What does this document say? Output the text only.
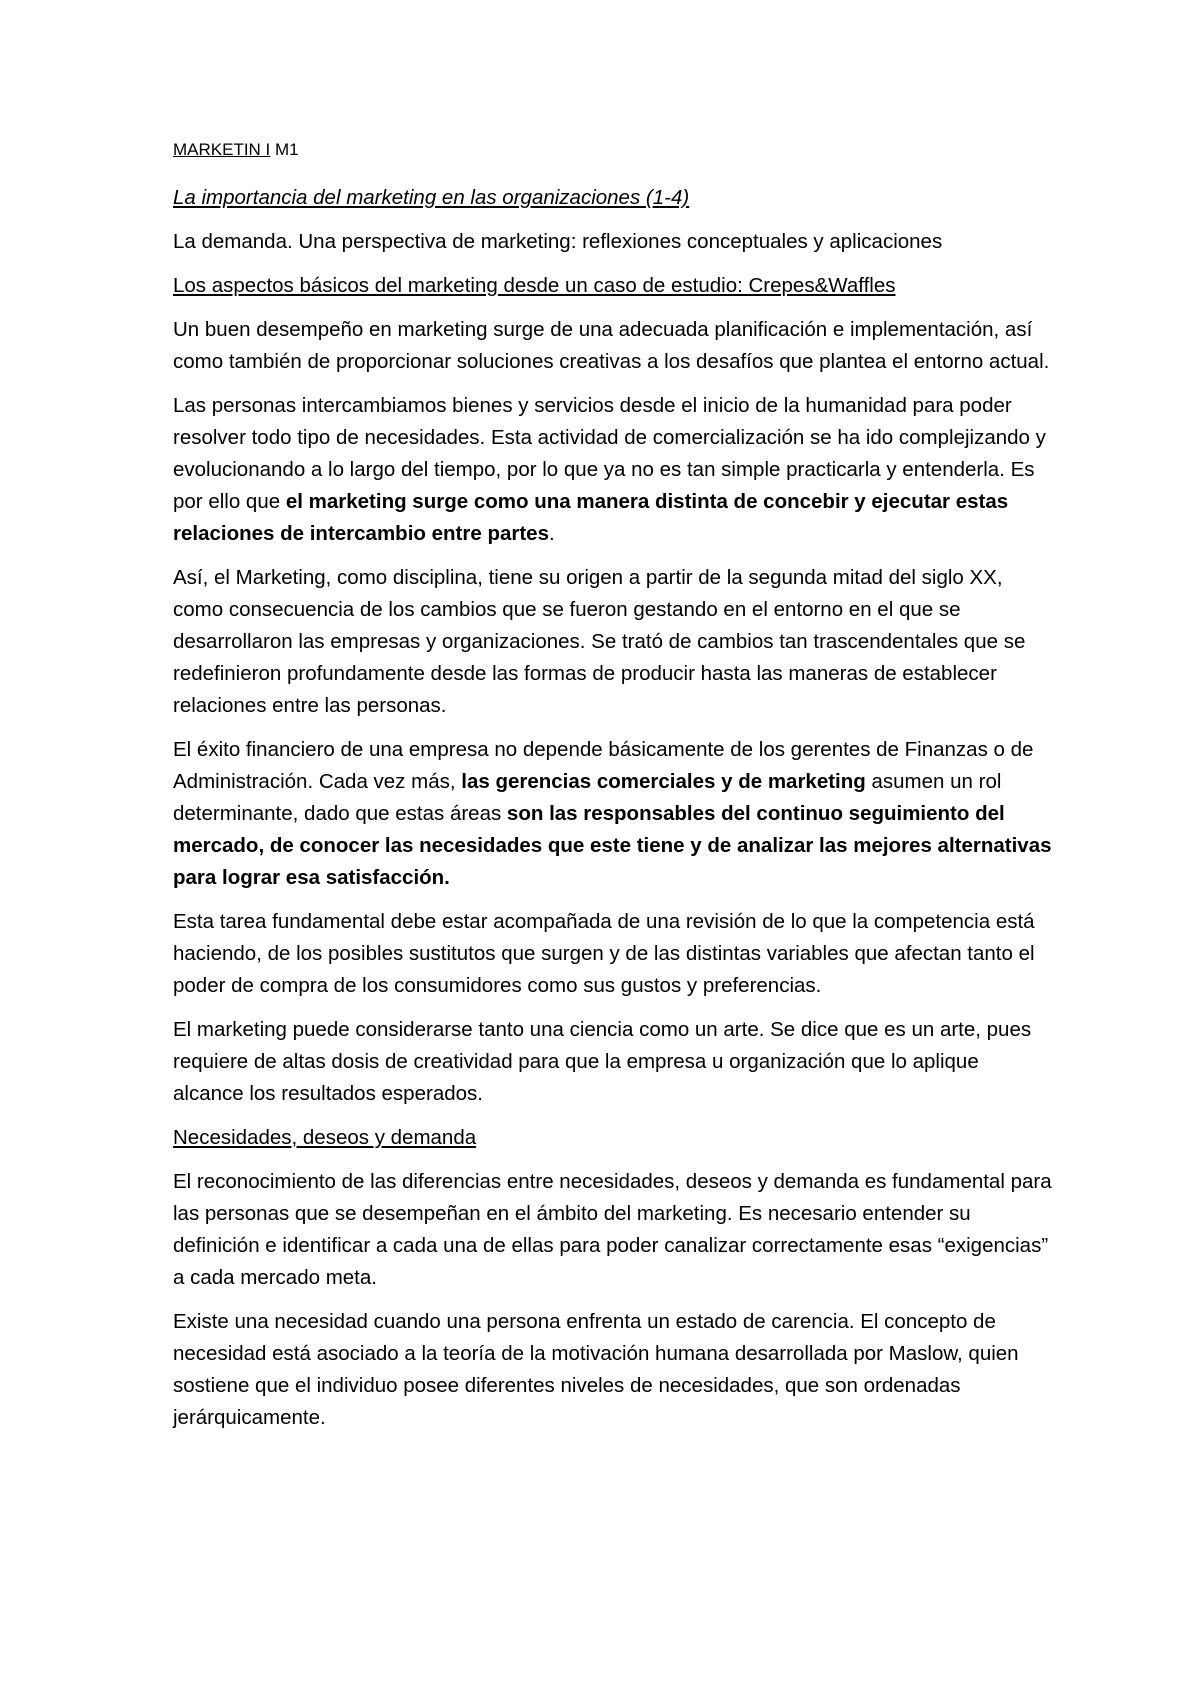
MARKETIN I M1
La importancia del marketing en las organizaciones (1-4)
La demanda. Una perspectiva de marketing: reflexiones conceptuales y aplicaciones
Los aspectos básicos del marketing desde un caso de estudio: Crepes&Waffles

Un buen desempeño en marketing surge de una adecuada planificación e implementación, así como también de proporcionar soluciones creativas a los desafíos que plantea el entorno actual.

Las personas intercambiamos bienes y servicios desde el inicio de la humanidad para poder resolver todo tipo de necesidades. Esta actividad de comercialización se ha ido complejizando y evolucionando a lo largo del tiempo, por lo que ya no es tan simple practicarla y entenderla. Es por ello que el marketing surge como una manera distinta de concebir y ejecutar estas relaciones de intercambio entre partes.

Así, el Marketing, como disciplina, tiene su origen a partir de la segunda mitad del siglo XX, como consecuencia de los cambios que se fueron gestando en el entorno en el que se desarrollaron las empresas y organizaciones. Se trató de cambios tan trascendentales que se redefinieron profundamente desde las formas de producir hasta las maneras de establecer relaciones entre las personas.

El éxito financiero de una empresa no depende básicamente de los gerentes de Finanzas o de Administración. Cada vez más, las gerencias comerciales y de marketing asumen un rol determinante, dado que estas áreas son las responsables del continuo seguimiento del mercado, de conocer las necesidades que este tiene y de analizar las mejores alternativas para lograr esa satisfacción.

Esta tarea fundamental debe estar acompañada de una revisión de lo que la competencia está haciendo, de los posibles sustitutos que surgen y de las distintas variables que afectan tanto el poder de compra de los consumidores como sus gustos y preferencias.

El marketing puede considerarse tanto una ciencia como un arte. Se dice que es un arte, pues requiere de altas dosis de creatividad para que la empresa u organización que lo aplique alcance los resultados esperados.

Necesidades, deseos y demanda

El reconocimiento de las diferencias entre necesidades, deseos y demanda es fundamental para las personas que se desempeñan en el ámbito del marketing. Es necesario entender su definición e identificar a cada una de ellas para poder canalizar correctamente esas “exigencias” a cada mercado meta.

Existe una necesidad cuando una persona enfrenta un estado de carencia. El concepto de necesidad está asociado a la teoría de la motivación humana desarrollada por Maslow, quien sostiene que el individuo posee diferentes niveles de necesidades, que son ordenadas jerárquicamente.
